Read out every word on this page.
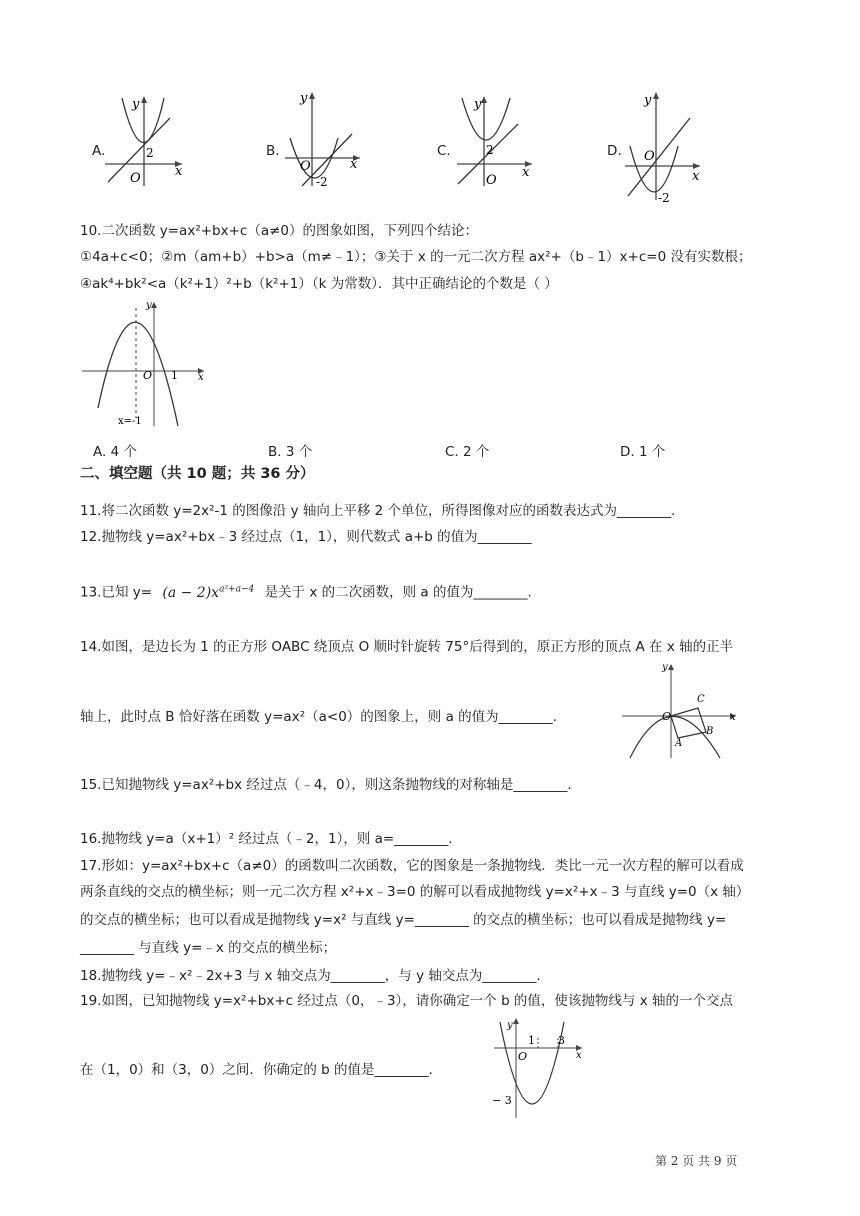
A.	2
O	x
y
B.
-2
O	x
y
C.	2
O
x
y
D.
-2
O
x
y
10.二次函数 y=ax²+bx+c（a≠0）的图象如图，下列四个结论：
①4a+c<0；②m（am+b）+b>a（m≠﹣1）；③关于 x 的一元二次方程 ax²+（b﹣1）x+c=0 没有实数根；
④ak⁴+bk²<a（k²+1）²+b（k²+1）（k 为常数）．其中正确结论的个数是（ ）
O 1 x
y
x=-1
A. 4 个	B. 3 个	C. 2 个	D. 1 个
二、填空题（共 10 题；共 36 分）
11.将二次函数 y=2x²-1 的图像沿 y 轴向上平移 2 个单位，所得图像对应的函数表达式为________.
12.抛物线 y=ax²+bx﹣3 经过点（1，1），则代数式 a+b 的值为________
13.已知 $y= (a - 2)x^{a^2+a-4}$ 是关于 x 的二次函数，则 a 的值为________.
14.如图，是边长为 1 的正方形 OABC 绕顶点 O 顺时针旋转 75°后得到的，原正方形的顶点 A 在 x 轴的正半
轴上，此时点 B 恰好落在函数 y=ax²（a<0）的图象上，则 a 的值为________.	O
A
B
C
x
y
15.已知抛物线 y=ax²+bx 经过点（﹣4，0），则这条抛物线的对称轴是________.
16.抛物线 y=a（x+1）² 经过点（﹣2，1），则 a=________.
17.形如：y=ax²+bx+c（a≠0）的函数叫二次函数，它的图象是一条抛物线．类比一元一次方程的解可以看成
两条直线的交点的横坐标；则一元二次方程 x²+x﹣3=0 的解可以看成抛物线 y=x²+x﹣3 与直线 y=0（x 轴）
的交点的横坐标；也可以看成是抛物线 y=x² 与直线 y=________ 的交点的横坐标；也可以看成是抛物线 y=
________ 与直线 y=﹣x 的交点的横坐标；
18.抛物线 y=﹣x²﹣2x+3 与 x 轴交点为________，与 y 轴交点为________.
19.如图，已知抛物线 y=x²+bx+c 经过点（0，﹣3），请你确定一个 b 的值，使该抛物线与 x 轴的一个交点
在（1，0）和（3，0）之间．你确定的 b 的值是________.
O
1 3
− 3
x
y
第 2 页 共 9 页
